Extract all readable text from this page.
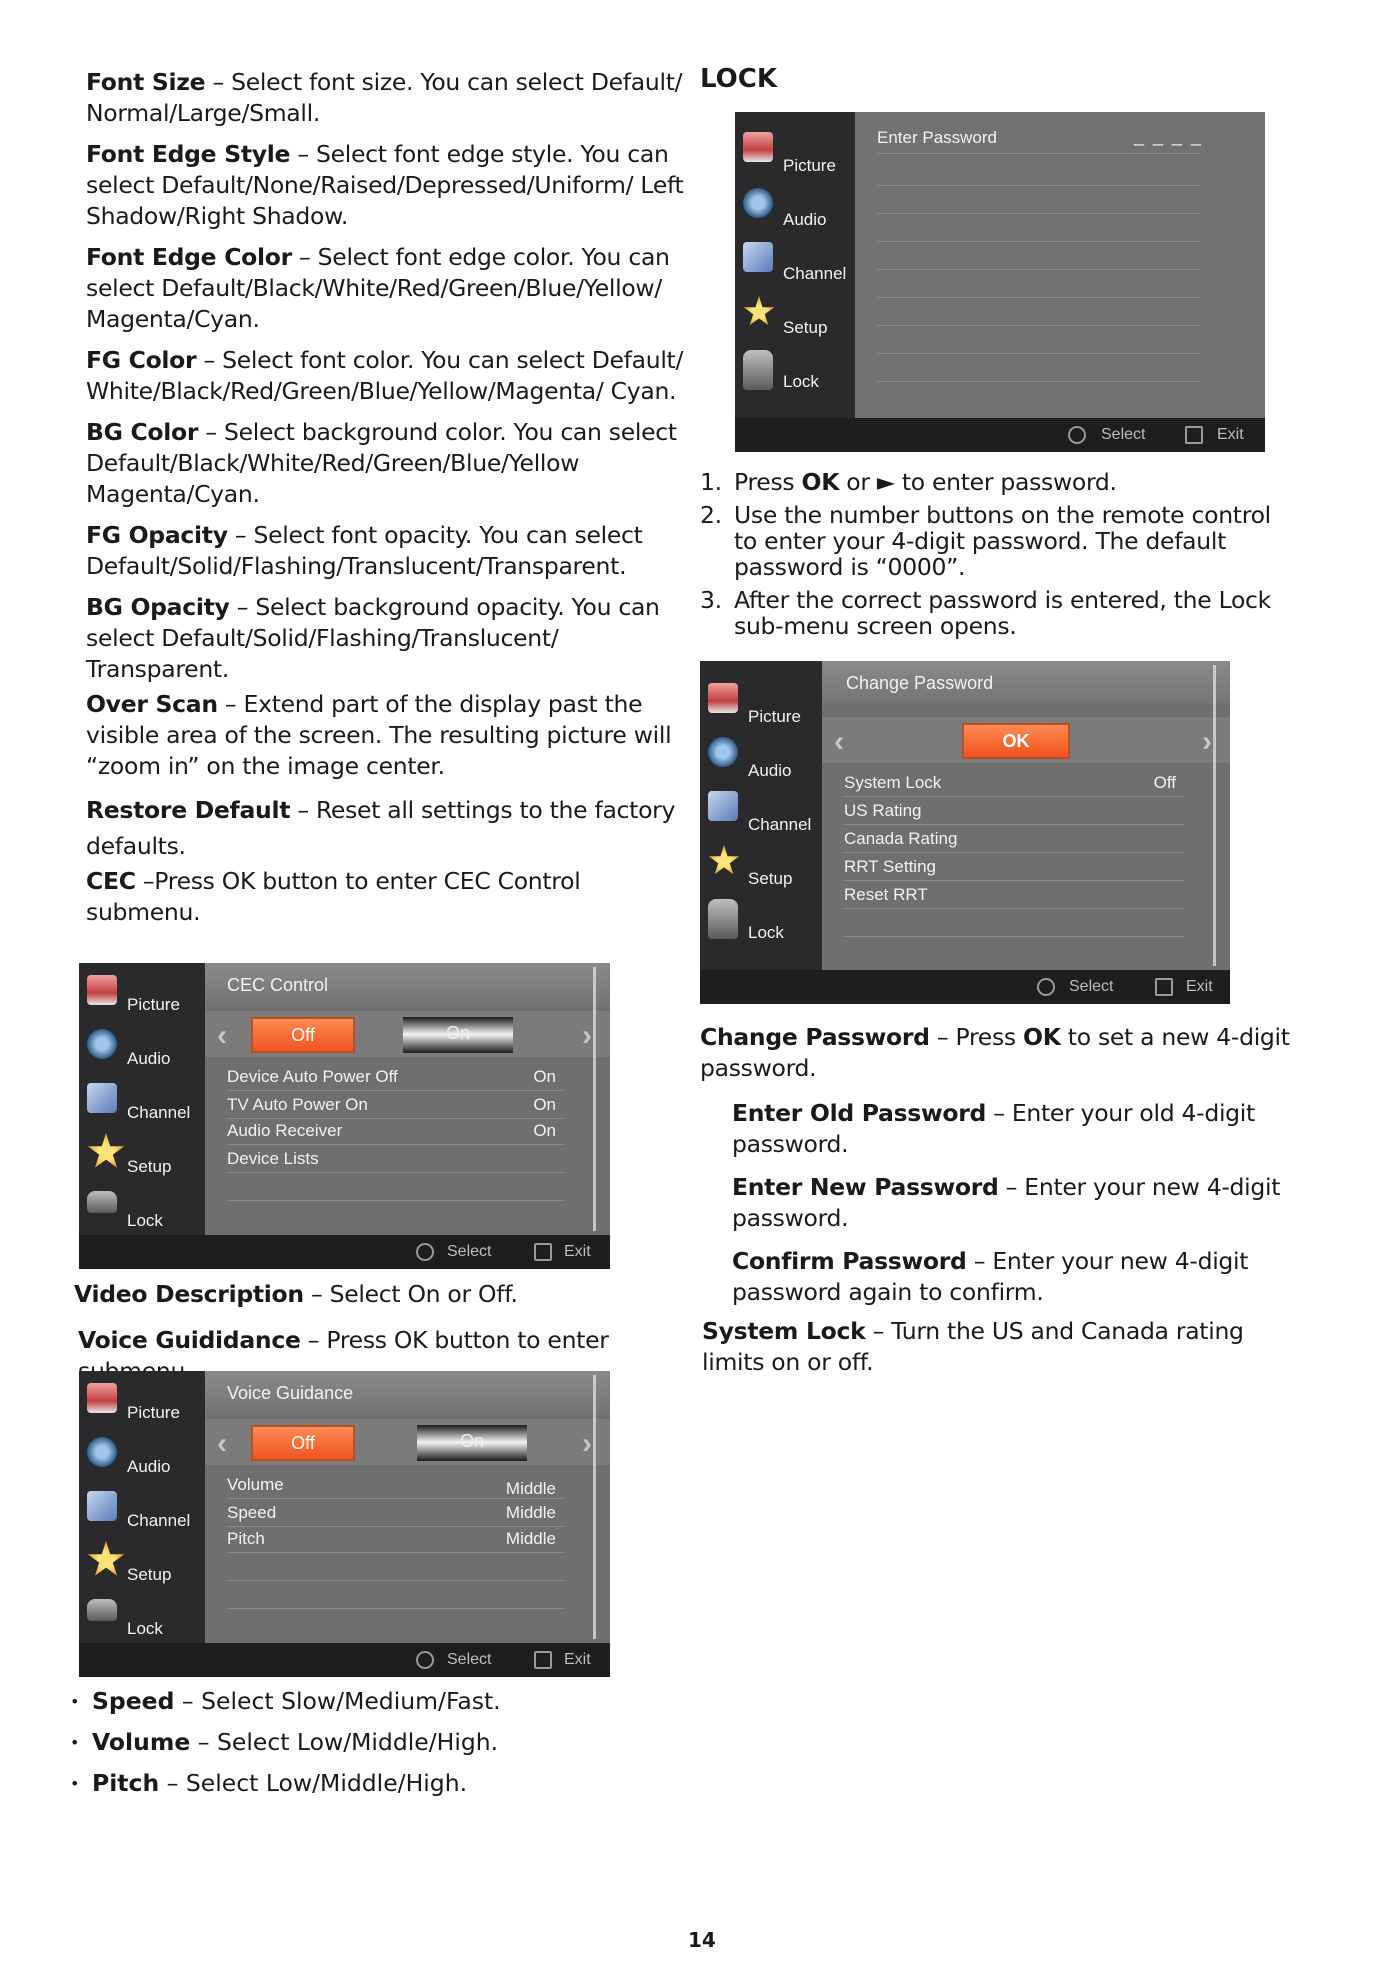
Font Size – Select font size. You can select Default/ Normal/Large/Small.

Font Edge Style – Select font edge style. You can select Default/None/Raised/Depressed/Uniform/ Left Shadow/Right Shadow.

Font Edge Color – Select font edge color. You can select Default/Black/White/Red/Green/Blue/Yellow/ Magenta/Cyan.

FG Color – Select font color. You can select Default/ White/Black/Red/Green/Blue/Yellow/Magenta/ Cyan.

BG Color – Select background color. You can select Default/Black/White/Red/Green/Blue/Yellow Magenta/Cyan.

FG Opacity – Select font opacity. You can select Default/Solid/Flashing/Translucent/Transparent.

BG Opacity – Select background opacity. You can select Default/Solid/Flashing/Translucent/ Transparent.

Over Scan – Extend part of the display past the visible area of the screen. The resulting picture will “zoom in” on the image center.

Restore Default – Reset all settings to the factory defaults.

CEC –Press OK button to enter CEC Control submenu.

Picture
Audio
Channel
Setup
Lock
CEC Control
‹	Off	On	›
Device Auto Power Off	On
TV Auto Power On	On
Audio Receiver	On
Device Lists
Select	Exit
Video Description – Select On or Off.
Voice Guididance – Press OK button to enter
Picture
Audio
Channel
Setup
Lock
Voice Guidance
‹	Off	On	›
Volume	Middle
Speed	Middle
Pitch	Middle
Select	Exit
• Speed – Select Slow/Medium/Fast.
• Volume – Select Low/Middle/High.
• Pitch – Select Low/Middle/High.
LOCK
Picture
Audio
Channel
Setup
Lock
Enter Password	_ _ _ _
Select	Exit
1. Press OK or ► to enter password.
2. Use the number buttons on the remote control to enter your 4-digit password. The default password is “0000”.
3. After the correct password is entered, the Lock sub-menu screen opens.
Picture
Audio
Channel
Setup
Lock
Change Password
‹	OK	›
System Lock	Off
US Rating
Canada Rating
RRT Setting
Reset RRT
Select	Exit

Change Password – Press OK to set a new 4-digit password.

Enter Old Password – Enter your old 4-digit password.

Enter New Password – Enter your new 4-digit password.

Confirm Password – Enter your new 4-digit password again to confirm.

System Lock – Turn the US and Canada rating limits on or off.

14
